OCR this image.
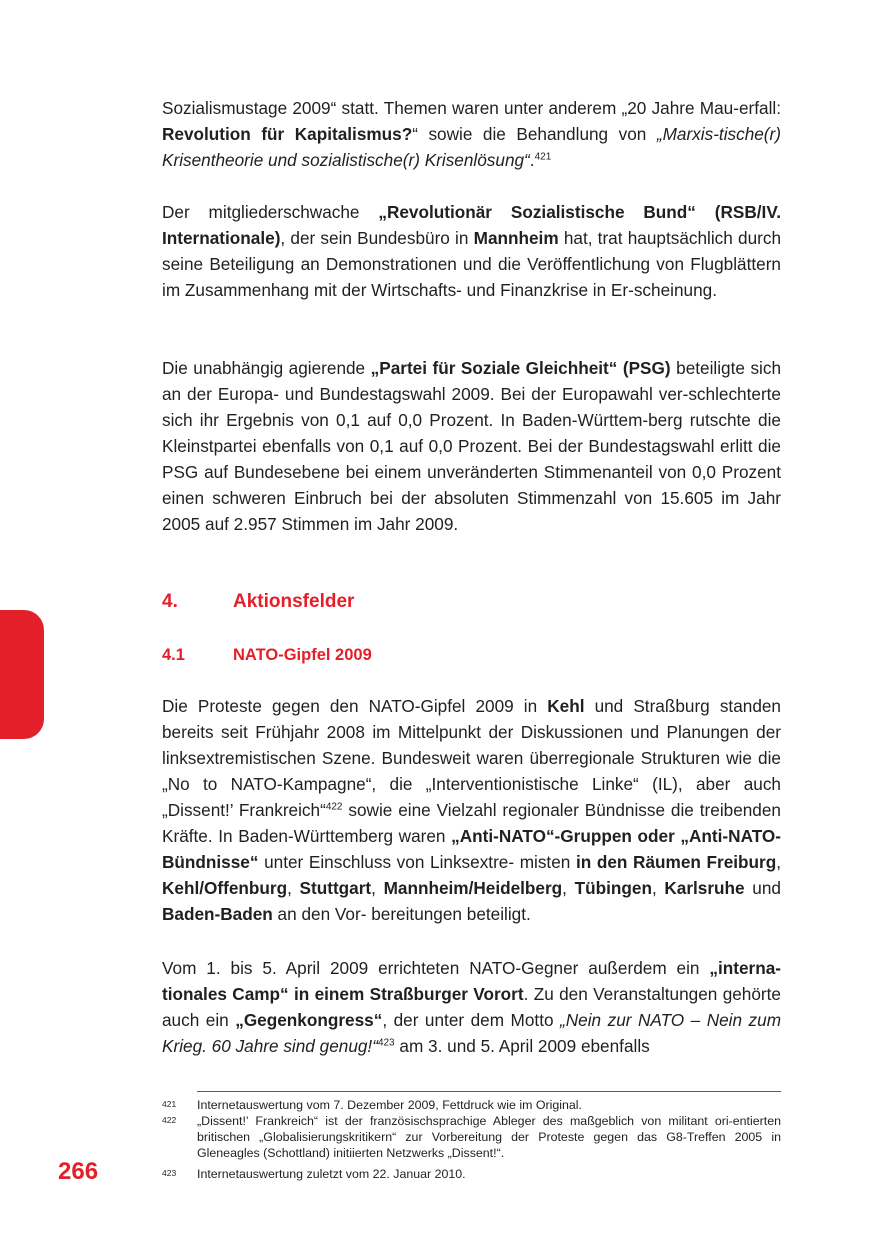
Sozialismustage 2009“ statt. Themen waren unter anderem „20 Jahre Mau-erfall: Revolution für Kapitalismus?“ sowie die Behandlung von „Marxis-tische(r) Krisentheorie und sozialistische(r) Krisenlösung“.$^{421}$
Der mitgliederschwache „Revolutionär Sozialistische Bund“ (RSB/IV. Internationale), der sein Bundesbüro in Mannheim hat, trat hauptsächlich durch seine Beteiligung an Demonstrationen und die Veröffentlichung von Flugblättern im Zusammenhang mit der Wirtschafts- und Finanzkrise in Er-scheinung.
Die unabhängig agierende „Partei für Soziale Gleichheit“ (PSG) beteiligte sich an der Europa- und Bundestagswahl 2009. Bei der Europawahl ver-schlechterte sich ihr Ergebnis von 0,1 auf 0,0 Prozent. In Baden-Württem-berg rutschte die Kleinstpartei ebenfalls von 0,1 auf 0,0 Prozent. Bei der Bundestagswahl erlitt die PSG auf Bundesebene bei einem unveränderten Stimmenanteil von 0,0 Prozent einen schweren Einbruch bei der absoluten Stimmenzahl von 15.605 im Jahr 2005 auf 2.957 Stimmen im Jahr 2009.
4.	Aktionsfelder
4.1	NATO-Gipfel 2009
Die Proteste gegen den NATO-Gipfel 2009 in Kehl und Straßburg standen bereits seit Frühjahr 2008 im Mittelpunkt der Diskussionen und Planungen der linksextremistischen Szene. Bundesweit waren überregionale Strukturen wie die „No to NATO-Kampagne“, die „Interventionistische Linke“ (IL), aber auch „Dissent!’ Frankreich“$^{422}$ sowie eine Vielzahl regionaler Bündnisse die treibenden Kräfte. In Baden-Württemberg waren „Anti-NATO“-Gruppen oder „Anti-NATO-Bündnisse“ unter Einschluss von Linksextre- misten in den Räumen Freiburg, Kehl/Offenburg, Stuttgart, Mannheim/Heidelberg, Tübingen, Karlsruhe und Baden-Baden an den Vor- bereitungen beteiligt.
Vom 1. bis 5. April 2009 errichteten NATO-Gegner außerdem ein „interna-tionales Camp“ in einem Straßburger Vorort. Zu den Veranstaltungen gehörte auch ein „Gegenkongress“, der unter dem Motto „Nein zur NATO – Nein zum Krieg. 60 Jahre sind genug!“$^{423}$ am 3. und 5. April 2009 ebenfalls
421 Internetauswertung vom 7. Dezember 2009, Fettdruck wie im Original.
422 „Dissent!’ Frankreich“ ist der französischsprachige Ableger des maßgeblich von militant ori-entierten britischen „Globalisierungskritikern“ zur Vorbereitung der Proteste gegen das G8-Treffen 2005 in Gleneagles (Schottland) initiierten Netzwerks „Dissent!“.
423 Internetauswertung zuletzt vom 22. Januar 2010.
266
